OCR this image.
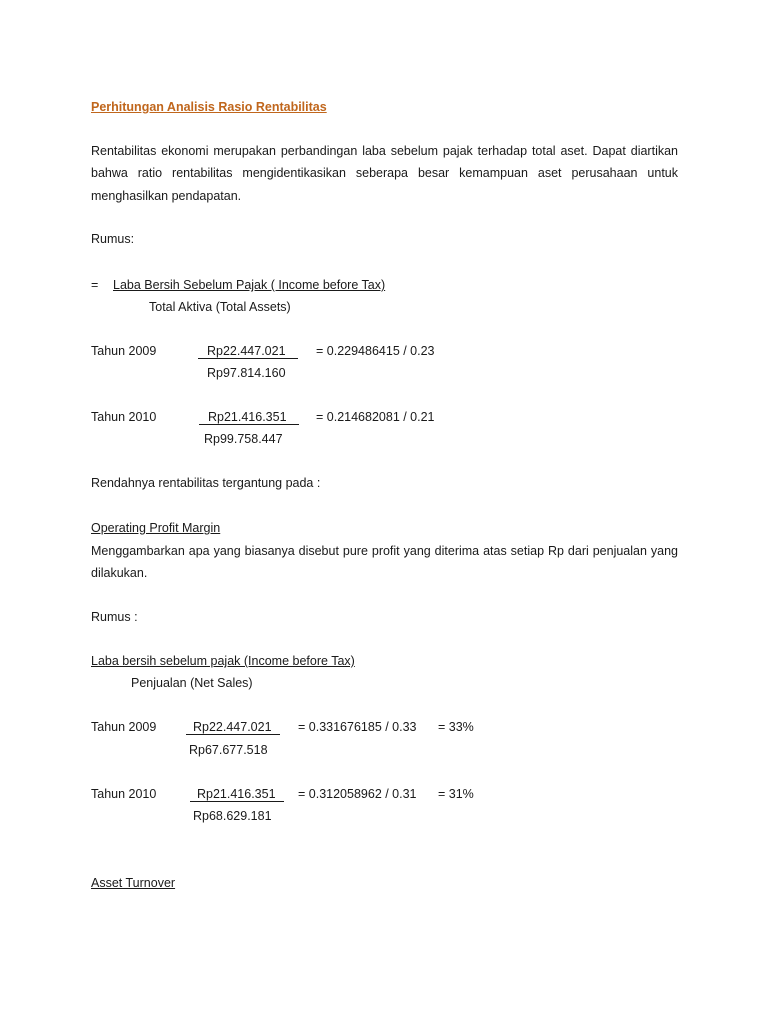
Perhitungan Analisis Rasio Rentabilitas
Rentabilitas ekonomi merupakan perbandingan laba sebelum pajak terhadap total aset. Dapat diartikan bahwa ratio rentabilitas mengidentikasikan seberapa besar kemampuan aset perusahaan untuk menghasilkan pendapatan.
Rumus:
= Laba Bersih Sebelum Pajak ( Income before Tax)
Total Aktiva (Total Assets)
Tahun 2009	Rp22.447.021 = 0.229486415 / 0.23
Rp97.814.160
Tahun 2010	Rp21.416.351 = 0.214682081 / 0.21
Rp99.758.447
Rendahnya rentabilitas tergantung pada :
Operating Profit Margin
Menggambarkan apa yang biasanya disebut pure profit yang diterima atas setiap Rp dari penjualan yang dilakukan.
Rumus :
Laba bersih sebelum pajak (Income before Tax)
Penjualan (Net Sales)
Tahun 2009	Rp22.447.021 = 0.331676185 / 0.33 = 33%
Rp67.677.518
Tahun 2010	Rp21.416.351 = 0.312058962 / 0.31 = 31%
Rp68.629.181
Asset Turnover
